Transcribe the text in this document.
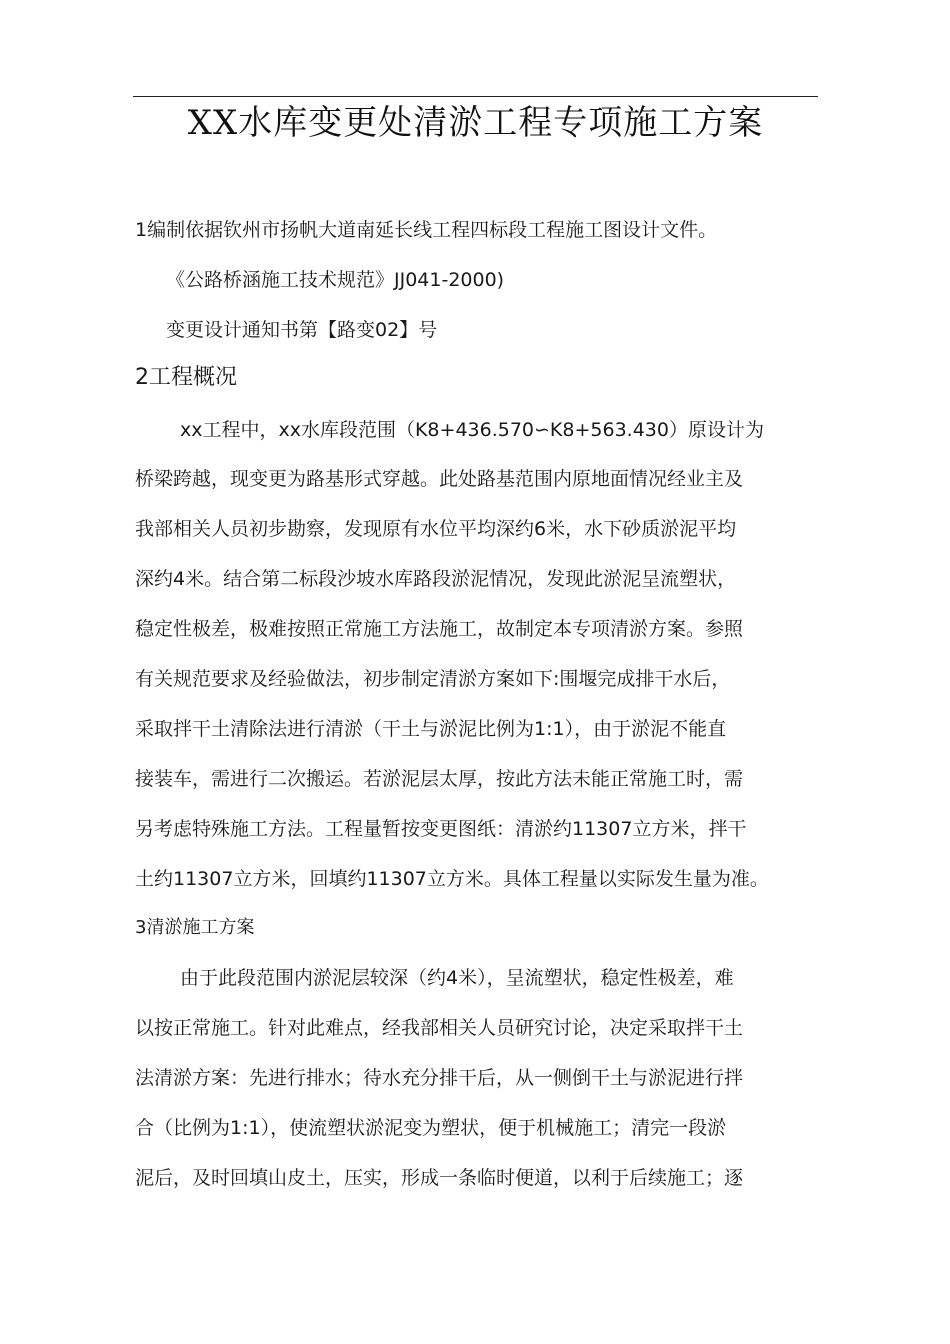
XX水库变更处清淤工程专项施工方案
1编制依据钦州市扬帆大道南延长线工程四标段工程施工图设计文件。
《公路桥涵施工技术规范》JJ041-2000)
变更设计通知书第【路变02】号
2工程概况
xx工程中，xx水库段范围（K8+436.570∽K8+563.430）原设计为
桥梁跨越，现变更为路基形式穿越。此处路基范围内原地面情况经业主及
我部相关人员初步勘察，发现原有水位平均深约6米，水下砂质淤泥平均
深约4米。结合第二标段沙坡水库路段淤泥情况，发现此淤泥呈流塑状，
稳定性极差，极难按照正常施工方法施工，故制定本专项清淤方案。参照
有关规范要求及经验做法，初步制定清淤方案如下:围堰完成排干水后，
采取拌干土清除法进行清淤（干土与淤泥比例为1:1），由于淤泥不能直
接装车，需进行二次搬运。若淤泥层太厚，按此方法未能正常施工时，需
另考虑特殊施工方法。工程量暂按变更图纸：清淤约11307立方米，拌干
土约11307立方米，回填约11307立方米。具体工程量以实际发生量为准。
3清淤施工方案
由于此段范围内淤泥层较深（约4米），呈流塑状，稳定性极差，难
以按正常施工。针对此难点，经我部相关人员研究讨论，决定采取拌干土
法清淤方案：先进行排水；待水充分排干后，从一侧倒干土与淤泥进行拌
合（比例为1:1），使流塑状淤泥变为塑状，便于机械施工；清完一段淤
泥后，及时回填山皮土，压实，形成一条临时便道，以利于后续施工；逐
